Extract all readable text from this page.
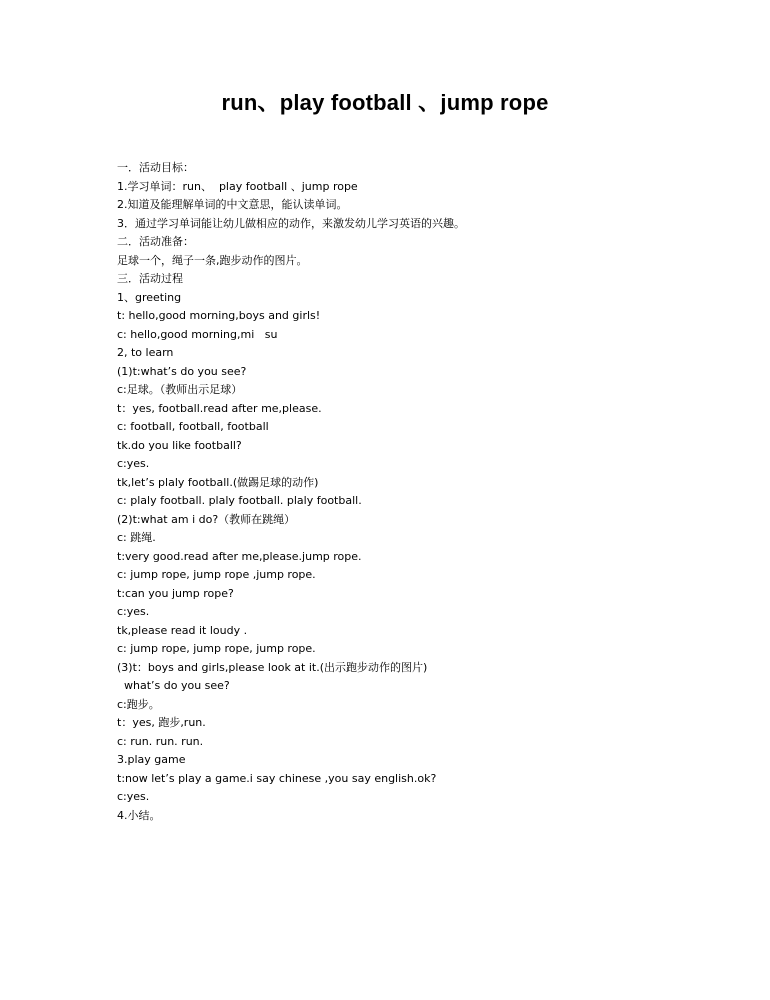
run、play football 、jump rope
一．活动目标：
1.学习单词：run、  play football 、jump rope
2.知道及能理解单词的中文意思，能认读单词。
3．通过学习单词能让幼儿做相应的动作，来激发幼儿学习英语的兴趣。
二．活动准备：
足球一个，绳子一条,跑步动作的图片。
三．活动过程
1、greeting
t: hello,good morning,boys and girls!
c: hello,good morning,mi   su
2, to learn
(1)t:what’s do you see?
c:足球。（教师出示足球）
t：yes, football.read after me,please.
c: football, football, football
tk.do you like football?
c:yes.
tk,let’s plaly football.(做踢足球的动作)
c: plaly football. plaly football. plaly football.
(2)t:what am i do?（教师在跳绳）
c: 跳绳.
t:very good.read after me,please.jump rope.
c: jump rope, jump rope ,jump rope.
t:can you jump rope?
c:yes.
tk,please read it loudy .
c: jump rope, jump rope, jump rope.
(3)t：boys and girls,please look at it.(出示跑步动作的图片)
what’s do you see?
c:跑步。
t：yes, 跑步,run.
c: run. run. run.
3.play game
t:now let’s play a game.i say chinese ,you say english.ok?
c:yes.
4.小结。
